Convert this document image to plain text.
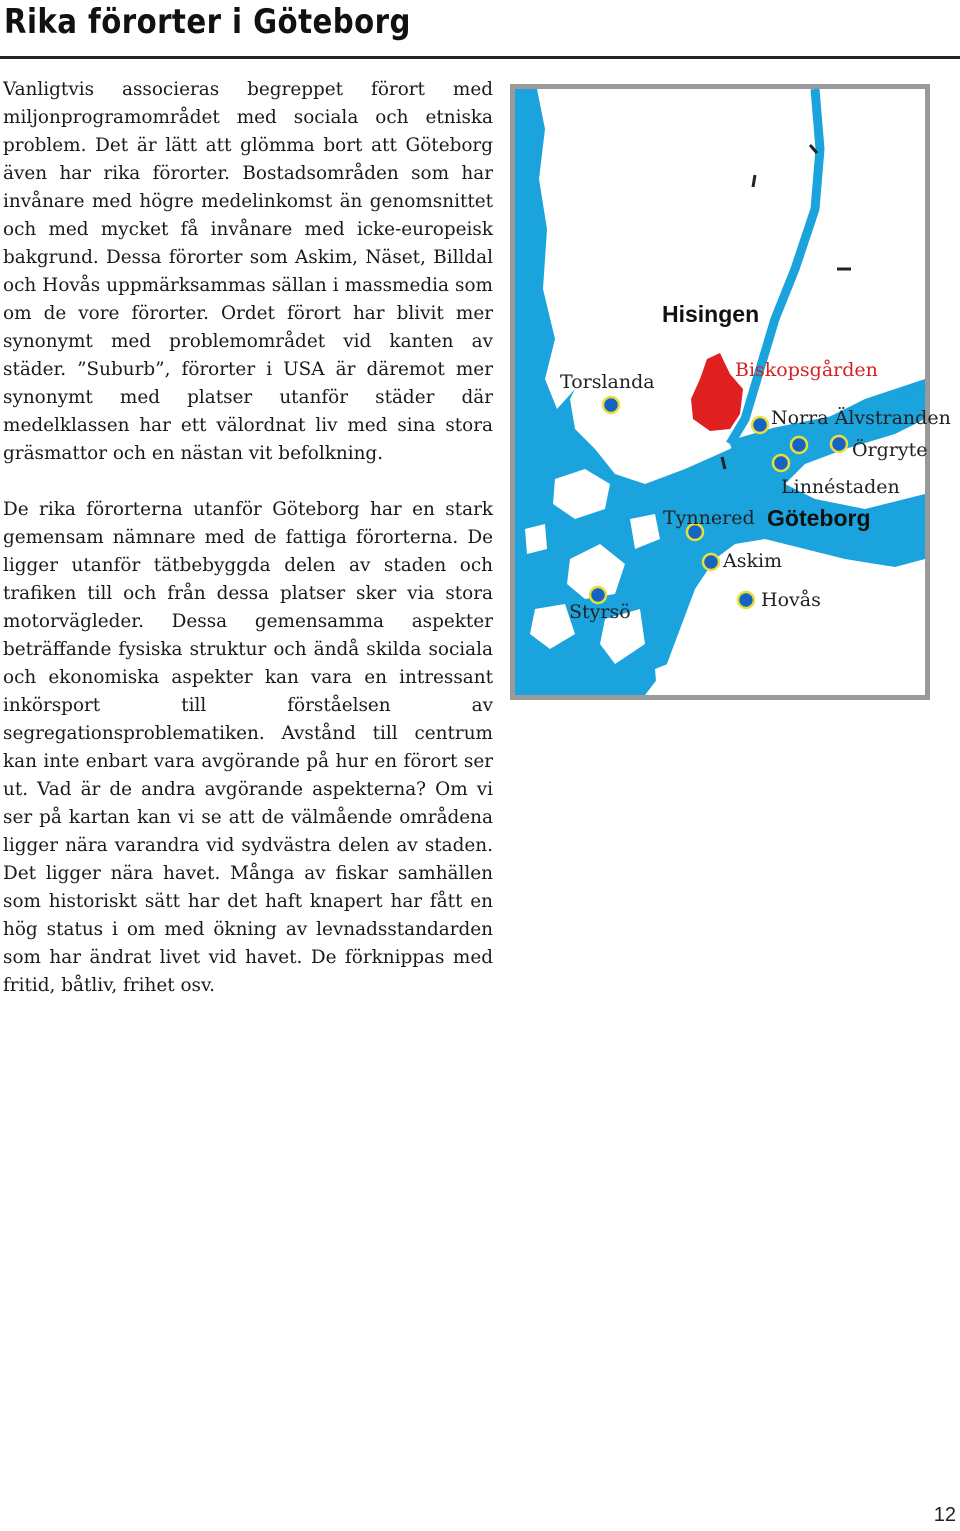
Rika förorter i Göteborg

Vanligtvis associeras begreppet förort med miljonprogramområdet med sociala och etniska problem. Det är lätt att glömma bort att Göteborg även har rika förorter. Bostadsområden som har invånare med högre medelinkomst än genomsnittet och med mycket få invånare med icke-europeisk bakgrund. Dessa förorter som Askim, Näset, Billdal och Hovås uppmärksammas sällan i massmedia som om de vore förorter. Ordet förort har blivit mer synonymt med problemområdet vid kanten av städer. ”Suburb”, förorter i USA är däremot mer synonymt med platser utanför städer där medelklassen har ett välordnat liv med sina stora gräsmattor och en nästan vit befolkning.

De rika förorterna utanför Göteborg har en stark gemensam nämnare med de fattiga förorterna. De ligger utanför tätbebyggda delen av staden och trafiken till och från dessa platser sker via stora motorvägleder. Dessa gemensamma aspekter beträffande fysiska struktur och ändå skilda sociala och ekonomiska aspekter kan vara en intressant inkörsport till förståelsen av segregationsproblematiken. Avstånd till centrum kan inte enbart vara avgörande på hur en förort ser ut. Vad är de andra avgörande aspekterna? Om vi ser på kartan kan vi se att de välmående områdena ligger nära varandra vid sydvästra delen av staden. Det ligger nära havet. Många av fiskar samhällen som historiskt sätt har det haft knapert har fått en hög status i om med ökning av levnadsstandarden som har ändrat livet vid havet. De förknippas med fritid, båtliv, frihet osv.

Hisingen
Göteborg
Torslanda
Biskopsgården
Norra Älvstranden
Örgryte
Linnéstaden
Tynnered
Askim
Hovås
Styrsö
12
